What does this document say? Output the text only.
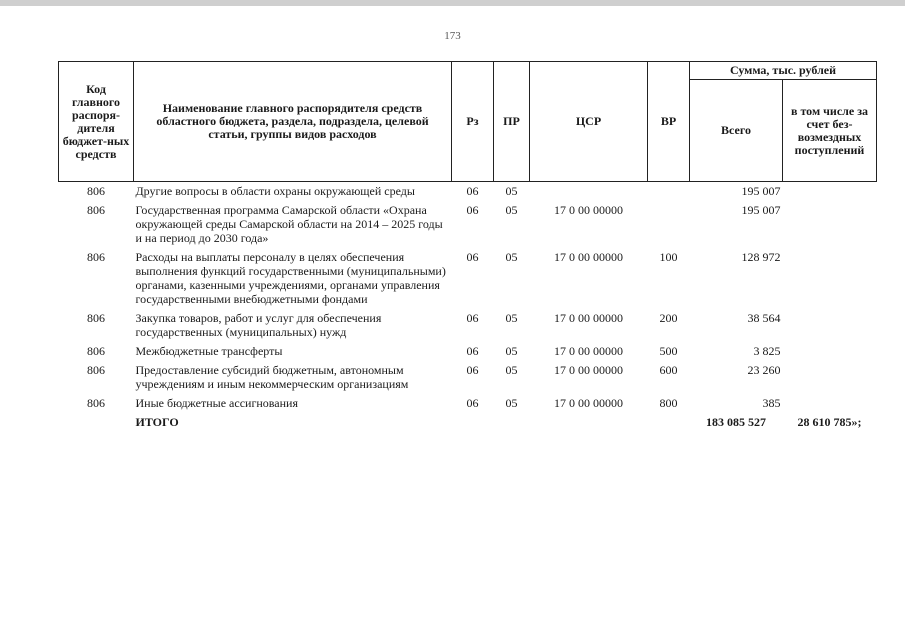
173
Код главного распоря-дителя бюджет-ных средств	Наименование главного распорядителя средств областного бюджета, раздела, подраздела, целевой статьи, группы видов расходов	Рз	ПР	ЦСР	ВР	Сумма, тыс. рублей	
						Всего	в том числе за счет без-возмездных поступлений
806	Другие вопросы в области охраны окружающей среды	06	05			195 007	
806	Государственная программа Самарской области «Охрана окружающей среды Самарской области на 2014 – 2025 годы и на период до 2030 года»	06	05	17 0 00 00000		195 007	
806	Расходы на выплаты персоналу в целях обеспечения выполнения функций государственными (муниципальными) органами, казенными учреждениями, органами управления государственными внебюджетными фондами	06	05	17 0 00 00000	100	128 972	
806	Закупка товаров, работ и услуг для обеспечения государственных (муниципальных) нужд	06	05	17 0 00 00000	200	38 564	
806	Межбюджетные трансферты	06	05	17 0 00 00000	500	3 825	
806	Предоставление субсидий бюджетным, автономным учреждениям и иным некоммерческим организациям	06	05	17 0 00 00000	600	23 260	
806	Иные бюджетные ассигнования	06	05	17 0 00 00000	800	385	
	ИТОГО					183 085 527	28 610 785»;
